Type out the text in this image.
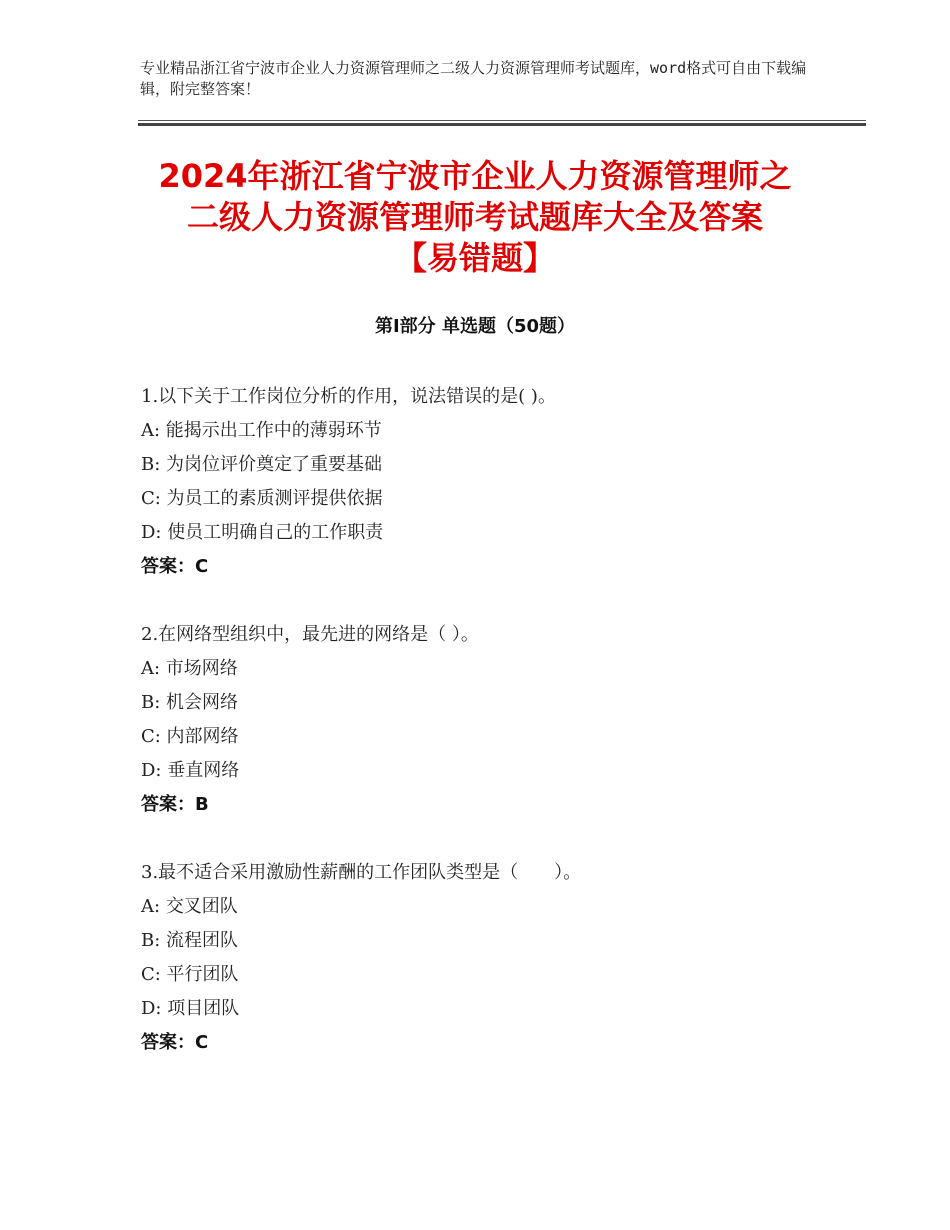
专业精品浙江省宁波市企业人力资源管理师之二级人力资源管理师考试题库，word格式可自由下载编辑，附完整答案！
2024年浙江省宁波市企业人力资源管理师之
二级人力资源管理师考试题库大全及答案
【易错题】
第Ⅰ部分 单选题（50题）
1.以下关于工作岗位分析的作用，说法错误的是( )。
A: 能揭示出工作中的薄弱环节
B: 为岗位评价奠定了重要基础
C: 为员工的素质测评提供依据
D: 使员工明确自己的工作职责
答案：C
2.在网络型组织中，最先进的网络是（ ）。
A: 市场网络
B: 机会网络
C: 内部网络
D: 垂直网络
答案：B
3.最不适合采用激励性薪酬的工作团队类型是（　　）。
A: 交叉团队
B: 流程团队
C: 平行团队
D: 项目团队
答案：C
